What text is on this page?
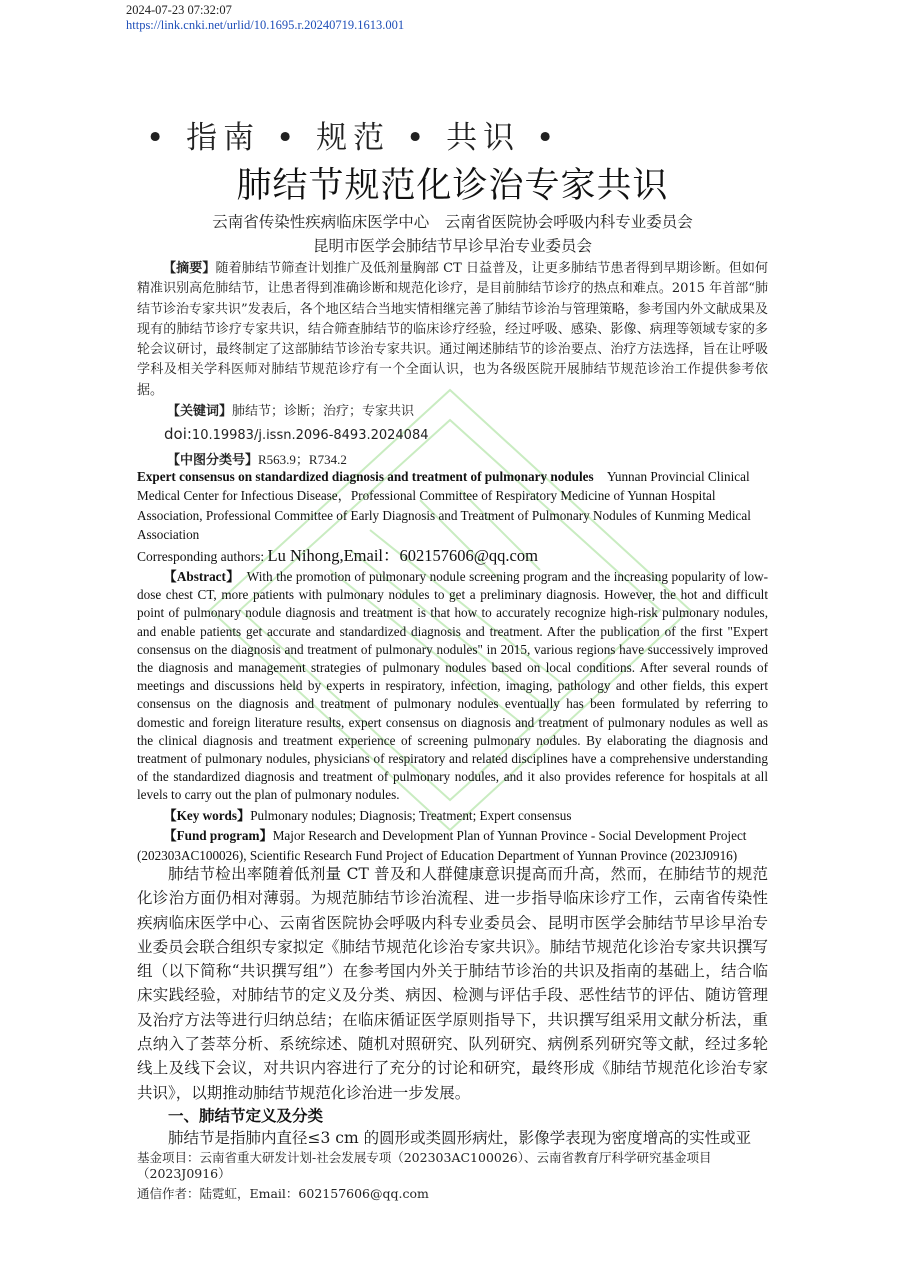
2024-07-23 07:32:07
https://link.cnki.net/urlid/10.1695.r.20240719.1613.001
• 指南 • 规范 • 共识 •
肺结节规范化诊治专家共识
云南省传染性疾病临床医学中心　云南省医院协会呼吸内科专业委员会
昆明市医学会肺结节早诊早治专业委员会
【摘要】随着肺结节筛查计划推广及低剂量胸部 CT 日益普及，让更多肺结节患者得到早期诊断。但如何精准识别高危肺结节，让患者得到准确诊断和规范化诊疗，是目前肺结节诊疗的热点和难点。2015 年首部“肺结节诊治专家共识”发表后，各个地区结合当地实情相继完善了肺结节诊治与管理策略，参考国内外文献成果及现有的肺结节诊疗专家共识，结合筛查肺结节的临床诊疗经验，经过呼吸、感染、影像、病理等领域专家的多轮会议研讨，最终制定了这部肺结节诊治专家共识。通过阐述肺结节的诊治要点、治疗方法选择，旨在让呼吸学科及相关学科医师对肺结节规范诊疗有一个全面认识，也为各级医院开展肺结节规范诊治工作提供参考依据。
【关键词】肺结节；诊断；治疗；专家共识
doi:10.19983/j.issn.2096-8493.2024084
【中图分类号】R563.9；R734.2
Expert consensus on standardized diagnosis and treatment of pulmonary nodules Yunnan Provincial Clinical Medical Center for Infectious Disease，Professional Committee of Respiratory Medicine of Yunnan Hospital Association, Professional Committee of Early Diagnosis and Treatment of Pulmonary Nodules of Kunming Medical Association
Corresponding authors: Lu Nihong,Email：602157606@qq.com
【Abstract】 With the promotion of pulmonary nodule screening program and the increasing popularity of low-dose chest CT, more patients with pulmonary nodules to get a preliminary diagnosis. However, the hot and difficult point of pulmonary nodule diagnosis and treatment is that how to accurately recognize high-risk pulmonary nodules, and enable patients get accurate and standardized diagnosis and treatment. After the publication of the first "Expert consensus on the diagnosis and treatment of pulmonary nodules" in 2015, various regions have successively improved the diagnosis and management strategies of pulmonary nodules based on local conditions. After several rounds of meetings and discussions held by experts in respiratory, infection, imaging, pathology and other fields, this expert consensus on the diagnosis and treatment of pulmonary nodules eventually has been formulated by referring to domestic and foreign literature results, expert consensus on diagnosis and treatment of pulmonary nodules as well as the clinical diagnosis and treatment experience of screening pulmonary nodules. By elaborating the diagnosis and treatment of pulmonary nodules, physicians of respiratory and related disciplines have a comprehensive understanding of the standardized diagnosis and treatment of pulmonary nodules, and it also provides reference for hospitals at all levels to carry out the plan of pulmonary nodules.
【Key words】Pulmonary nodules; Diagnosis; Treatment; Expert consensus
【Fund program】Major Research and Development Plan of Yunnan Province - Social Development Project (202303AC100026), Scientific Research Fund Project of Education Department of Yunnan Province (2023J0916)
肺结节检出率随着低剂量 CT 普及和人群健康意识提高而升高，然而，在肺结节的规范化诊治方面仍相对薄弱。为规范肺结节诊治流程、进一步指导临床诊疗工作，云南省传染性疾病临床医学中心、云南省医院协会呼吸内科专业委员会、昆明市医学会肺结节早诊早治专业委员会联合组织专家拟定《肺结节规范化诊治专家共识》。肺结节规范化诊治专家共识撰写组（以下简称“共识撰写组”）在参考国内外关于肺结节诊治的共识及指南的基础上，结合临床实践经验，对肺结节的定义及分类、病因、检测与评估手段、恶性结节的评估、随访管理及治疗方法等进行归纳总结；在临床循证医学原则指导下，共识撰写组采用文献分析法，重点纳入了荟萃分析、系统综述、随机对照研究、队列研究、病例系列研究等文献，经过多轮线上及线下会议，对共识内容进行了充分的讨论和研究，最终形成《肺结节规范化诊治专家共识》，以期推动肺结节规范化诊治进一步发展。
一、肺结节定义及分类
肺结节是指肺内直径≤3 cm 的圆形或类圆形病灶，影像学表现为密度增高的实性或亚
基金项目：云南省重大研发计划-社会发展专项（202303AC100026）、云南省教育厅科学研究基金项目（2023J0916）
通信作者：陆霓虹，Email：602157606@qq.com
